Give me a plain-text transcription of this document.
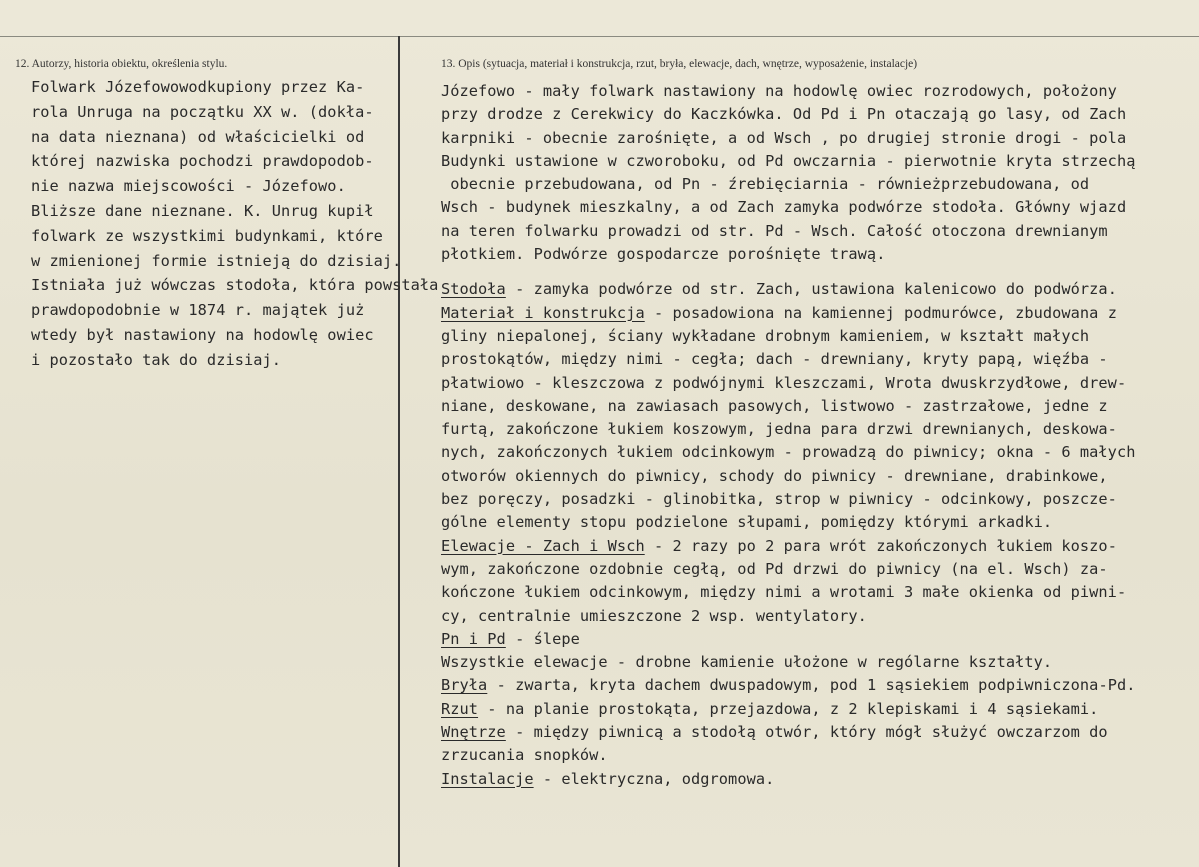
12. Autorzy, historia obiektu, określenia stylu.	13. Opis (sytuacja, materiał i konstrukcja, rzut, bryła, elewacje, dach, wnętrze, wyposażenie, instalacje)
Folwark Józefowowodkupiony przez Ka-
rola Unruga na początku XX w. (dokła-
na data nieznana) od właścicielki od
której nazwiska pochodzi prawdopodob-
nie nazwa miejscowości - Józefowo.
Bliższe dane nieznane. K. Unrug kupił
folwark ze wszystkimi budynkami, które
w zmienionej formie istnieją do dzisiaj.
Istniała już wówczas stodoła, która powstała
prawdopodobnie w 1874 r. majątek już
wtedy był nastawiony na hodowlę owiec
i pozostało tak do dzisiaj.
Józefowo - mały folwark nastawiony na hodowlę owiec rozrodowych, położony
przy drodze z Cerekwicy do Kaczkówka. Od Pd i Pn otaczają go lasy, od Zach
karpniki - obecnie zarośnięte, a od Wsch , po drugiej stronie drogi - pola
Budynki ustawione w czworoboku, od Pd owczarnia - pierwotnie kryta strzechą
obecnie przebudowana, od Pn - źrebięciarnia - równieżprzebudowana, od
Wsch - budynek mieszkalny, a od Zach zamyka podwórze stodoła. Główny wjazd
na teren folwarku prowadzi od str. Pd - Wsch. Całość otoczona drewnianym
płotkiem. Podwórze gospodarcze porośnięte trawą.
Stodoła - zamyka podwórze od str. Zach, ustawiona kalenicowo do podwórza.
Materiał i konstrukcja - posadowiona na kamiennej podmurówce, zbudowana z
gliny niepalonej, ściany wykładane drobnym kamieniem, w kształt małych
prostokątów, między nimi - cegła; dach - drewniany, kryty papą, więźba -
płatwiowo - kleszczowa z podwójnymi kleszczami, Wrota dwuskrzydłowe, drew-
niane, deskowane, na zawiasach pasowych, listwowo - zastrzałowe, jedne z
furtą, zakończone łukiem koszowym, jedna para drzwi drewnianych, deskowa-
nych, zakończonych łukiem odcinkowym - prowadzą do piwnicy; okna - 6 małych
otworów okiennych do piwnicy, schody do piwnicy - drewniane, drabinkowe,
bez poręczy, posadzki - glinobitka, strop w piwnicy - odcinkowy, poszcze-
gólne elementy stopu podzielone słupami, pomiędzy którymi arkadki.
Elewacje - Zach i Wsch - 2 razy po 2 para wrót zakończonych łukiem koszo-
wym, zakończone ozdobnie cegłą, od Pd drzwi do piwnicy (na el. Wsch) za-
kończone łukiem odcinkowym, między nimi a wrotami 3 małe okienka od piwni-
cy, centralnie umieszczone 2 wsp. wentylatory.
Pn i Pd - ślepe
Wszystkie elewacje - drobne kamienie ułożone w rególarne kształty.
Bryła - zwarta, kryta dachem dwuspadowym, pod 1 sąsiekiem podpiwniczona-Pd.
Rzut - na planie prostokąta, przejazdowa, z 2 klepiskami i 4 sąsiekami.
Wnętrze - między piwnicą a stodołą otwór, który mógł służyć owczarzom do
zrzucania snopków.
Instalacje - elektryczna, odgromowa.
